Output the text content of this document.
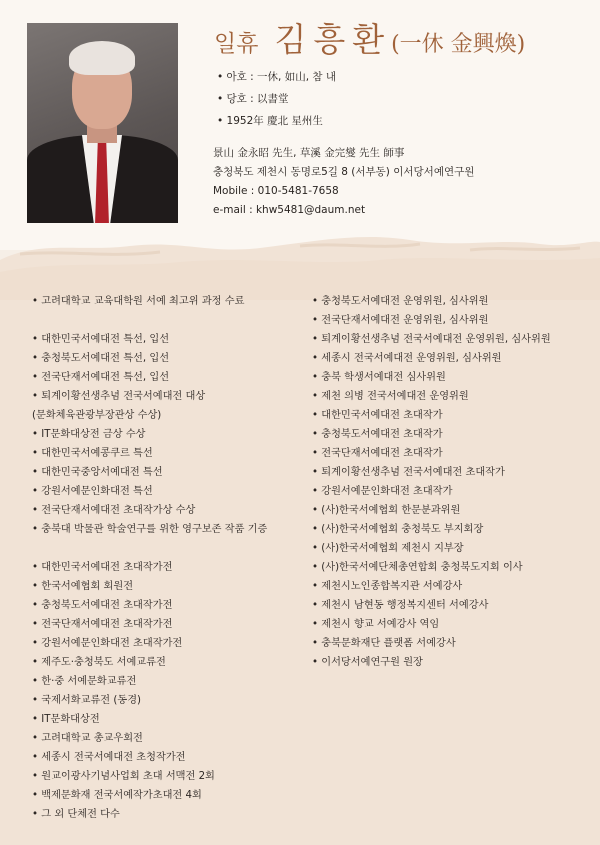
일휴 김흥환 (一休 金興煥)
• 아호 : 一休, 如山, 참 내
• 당호 : 以書堂
• 1952年 慶北 星州生
景山 金永昭 先生, 草溪 金完燮 先生 師事
충청북도 제천시 동명로5길 8 (서부동) 이서당서예연구원
Mobile : 010-5481-7658
e-mail : khw5481@daum.net
• 고려대학교 교육대학원 서예 최고위 과정 수료
• 대한민국서예대전 특선, 입선
• 충청북도서예대전 특선, 입선
• 전국단재서예대전 특선, 입선
• 퇴계이황선생추념 전국서예대전 대상
(문화체육관광부장관상 수상)
• IT문화대상전 금상 수상
• 대한민국서예콩쿠르 특선
• 대한민국중앙서예대전 특선
• 강원서예문인화대전 특선
• 전국단재서예대전 초대작가상 수상
• 충북대 박물관 학술연구를 위한 영구보존 작품 기증
• 대한민국서예대전 초대작가전
• 한국서예협회 회원전
• 충청북도서예대전 초대작가전
• 전국단재서예대전 초대작가전
• 강원서예문인화대전 초대작가전
• 제주도·충청북도 서예교류전
• 한·중 서예문화교류전
• 국제서화교류전 (동경)
• IT문화대상전
• 고려대학교 총교우회전
• 세종시 전국서예대전 초청작가전
• 원교이광사기념사업회 초대 서맥전 2회
• 백제문화재 전국서예작가초대전 4회
• 그 외 단체전 다수
• 충청북도서예대전 운영위원, 심사위원
• 전국단재서예대전 운영위원, 심사위원
• 퇴계이황선생추념 전국서예대전 운영위원, 심사위원
• 세종시 전국서예대전 운영위원, 심사위원
• 충북 학생서예대전 심사위원
• 제천 의병 전국서예대전 운영위원
• 대한민국서예대전 초대작가
• 충청북도서예대전 초대작가
• 전국단재서예대전 초대작가
• 퇴계이황선생추념 전국서예대전 초대작가
• 강원서예문인화대전 초대작가
• (사)한국서예협회 한문분과위원
• (사)한국서예협회 충청북도 부지회장
• (사)한국서예협회 제천시 지부장
• (사)한국서예단체총연합회 충청북도지회 이사
• 제천시노인종합복지관 서예강사
• 제천시 남현동 행정복지센터 서예강사
• 제천시 향교 서예강사 역임
• 충북문화재단 플랫폼 서예강사
• 이서당서예연구원 원장
